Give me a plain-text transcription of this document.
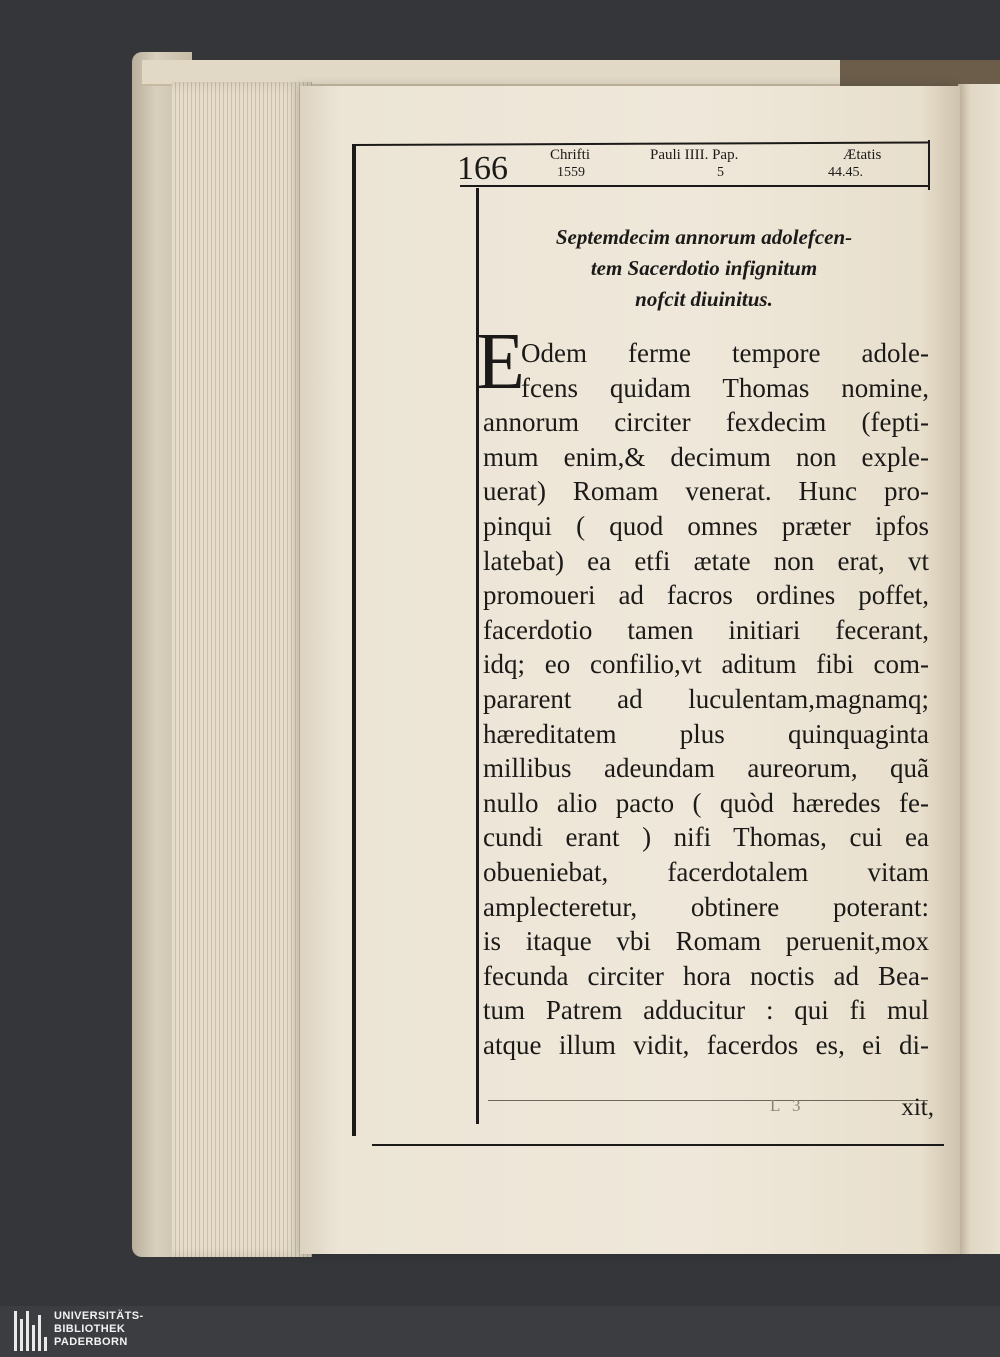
166	Chrifti	Pauli IIII. Pap.	Ætatis
1559	5	44.45.
Septemdecim annorum adolefcen-
tem Sacerdotio infignitum
nofcit diuinitus.
E
Odem ferme tempore adole-
fcens quidam Thomas nomine,
annorum circiter fexdecim (fepti-
mum enim,& decimum non exple-
uerat) Romam venerat. Hunc pro-
pinqui ( quod omnes præter ipfos
latebat) ea etfi ætate non erat, vt
promoueri ad facros ordines poffet,
facerdotio tamen initiari fecerant,
idq; eo confilio,vt aditum fibi com-
pararent ad luculentam,magnamq;
hæreditatem plus quinquaginta
millibus adeundam aureorum, quã
nullo alio pacto ( quòd hæredes fe-
cundi erant ) nifi Thomas, cui ea
obueniebat, facerdotalem vitam
amplecteretur, obtinere poterant:
is itaque vbi Romam peruenit,mox
fecunda circiter hora noctis ad Bea-
tum Patrem adducitur : qui fi mul
atque illum vidit, facerdos es, ei di-
L 3	xit,
UNIVERSITÄTS-
BIBLIOTHEK
PADERBORN
